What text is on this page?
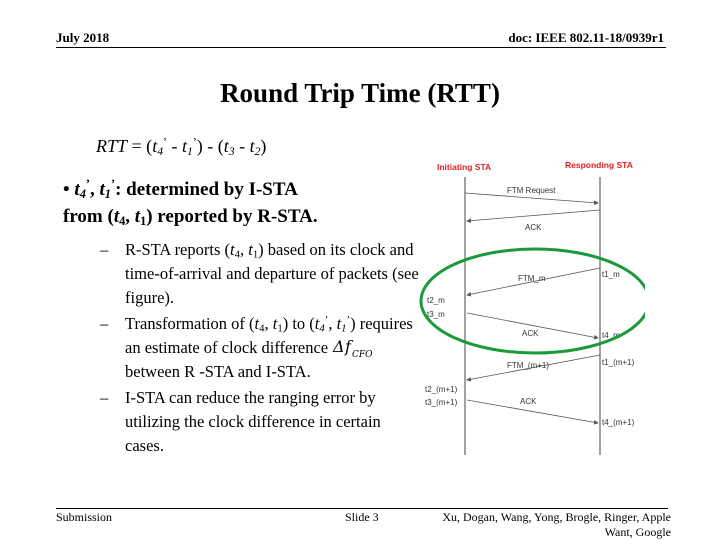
July 2018	doc: IEEE 802.11-18/0939r1
Round Trip Time (RTT)
RTT = $(t_4^’ - t_1^’) - (t_3 - t_2)$
• $t_4^’$, $t_1^’$: determined by I-STA
from ($t_4$, $t_1$) reported by R-STA.
– R-STA reports ($t_4$, $t_1$) based on its clock and time-of-arrival and departure of packets (see figure).
– Transformation of ($t_4$, $t_1$) to ($t_4^’$, $t_1^’$) requires an estimate of clock difference Δ f CFO
between R -STA and I-STA.
– I-STA can reduce the ranging error by utilizing the clock difference in certain cases.
Initiating STA	Responding STA
FTM Request
ACK
FTM_m	t1_m
t2_m
t3_m
ACK	t4_m
FTM_(m+1)	t1_(m+1)
t2_(m+1)
t3_(m+1)	ACK
t4_(m+1)
Submission	Slide 3	Xu, Dogan, Wang, Yong, Brogle, Ringer, Apple
Want, Google
